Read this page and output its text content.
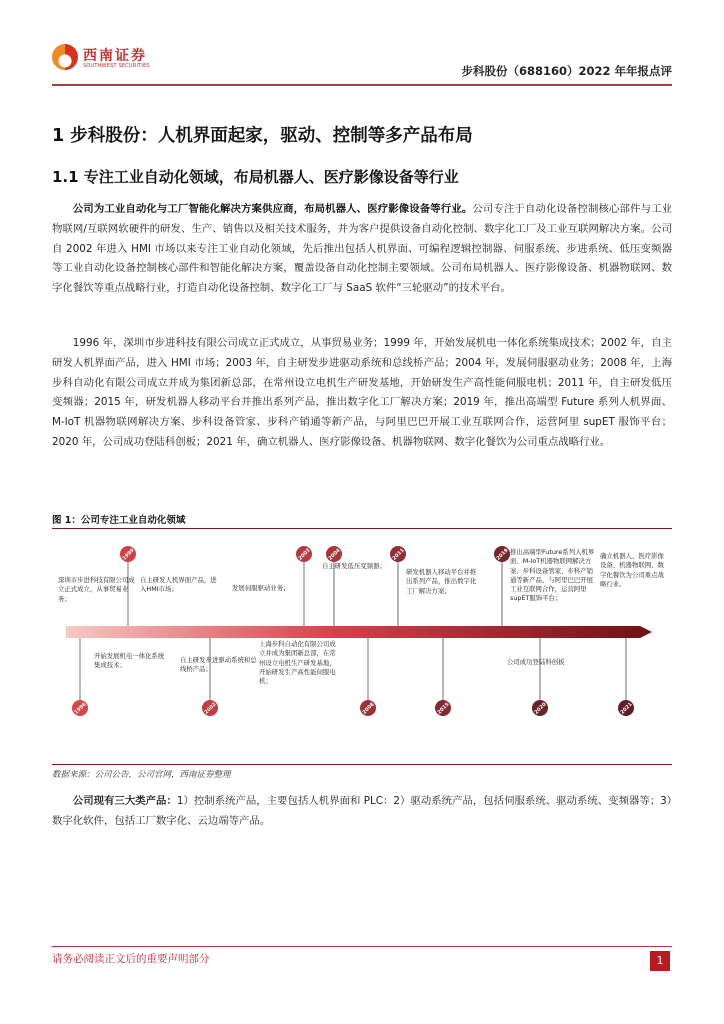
西南证券
SOUTHWEST SECURITIES	步科股份（688160）2022 年年报点评
1 步科股份：人机界面起家，驱动、控制等多产品布局
1.1 专注工业自动化领域，布局机器人、医疗影像设备等行业

公司为工业自动化与工厂智能化解决方案供应商，布局机器人、医疗影像设备等行业。公司专注于自动化设备控制核心部件与工业物联网/互联网软硬件的研发、生产、销售以及相关技术服务，并为客户提供设备自动化控制、数字化工厂及工业互联网解决方案。公司自 2002 年进入 HMI 市场以来专注工业自动化领域，先后推出包括人机界面、可编程逻辑控制器、伺服系统、步进系统、低压变频器等工业自动化设备控制核心部件和智能化解决方案，覆盖设备自动化控制主要领域。公司布局机器人、医疗影像设备、机器物联网、数字化餐饮等重点战略行业，打造自动化设备控制、数字化工厂与 SaaS 软件“三轮驱动”的技术平台。

1996 年，深圳市步进科技有限公司成立正式成立，从事贸易业务；1999 年，开始发展机电一体化系统集成技术；2002 年，自主研发人机界面产品，进入 HMI 市场；2003 年，自主研发步进驱动系统和总线桥产品；2004 年，发展伺服驱动业务；2008 年，上海步科自动化有限公司成立并成为集团新总部，在常州设立电机生产研发基地，开始研发生产高性能伺服电机；2011 年，自主研发低压变频器；2015 年，研发机器人移动平台并推出系列产品，推出数字化工厂解决方案；2019 年，推出高端型 Future 系列人机界面、M-loT 机器物联网解决方案、步科设备管家、步科产销通等新产品，与阿里巴巴开展工业互联网合作，运营阿里 supET 服饰平台；2020 年，公司成功登陆科创板；2021 年，确立机器人、医疗影像设备、机器物联网、数字化餐饮为公司重点战略行业。

图 1：公司专注工业自动化领域
1996
1999
2002
2003	2004
2008
2011
2015
2019
2020	2021
深圳市步进科技有限公司成立正式成立，从事贸易业务；
开始发展机电一体化系统集成技术；
自主研发人机界面产品，进入HMI市场；
自主研发步进驱动系统和总线桥产品；
发展伺服驱动业务；
上海步科自动化有限公司成立并成为集团新总部，在常州设立电机生产研发基地，开始研发生产高性能伺服电机；
自主研发低压变频器；
研发机器人移动平台并推出系列产品，推出数字化工厂解决方案；
推出高端型Future系列人机界面、M-loT机器物联网解决方案、步科设备管家、步科产销通等新产品，与阿里巴巴开展工业互联网合作，运营阿里supET服饰平台；
公司成功登陆科创板
确立机器人、医疗影像设备、机器物联网、数字化餐饮为公司重点战略行业。
数据来源：公司公告，公司官网，西南证券整理

公司现有三大类产品：1）控制系统产品，主要包括人机界面和 PLC：2）驱动系统产品，包括伺服系统、驱动系统、变频器等；3）数字化软件，包括工厂数字化、云边端等产品。

请务必阅读正文后的重要声明部分	1
